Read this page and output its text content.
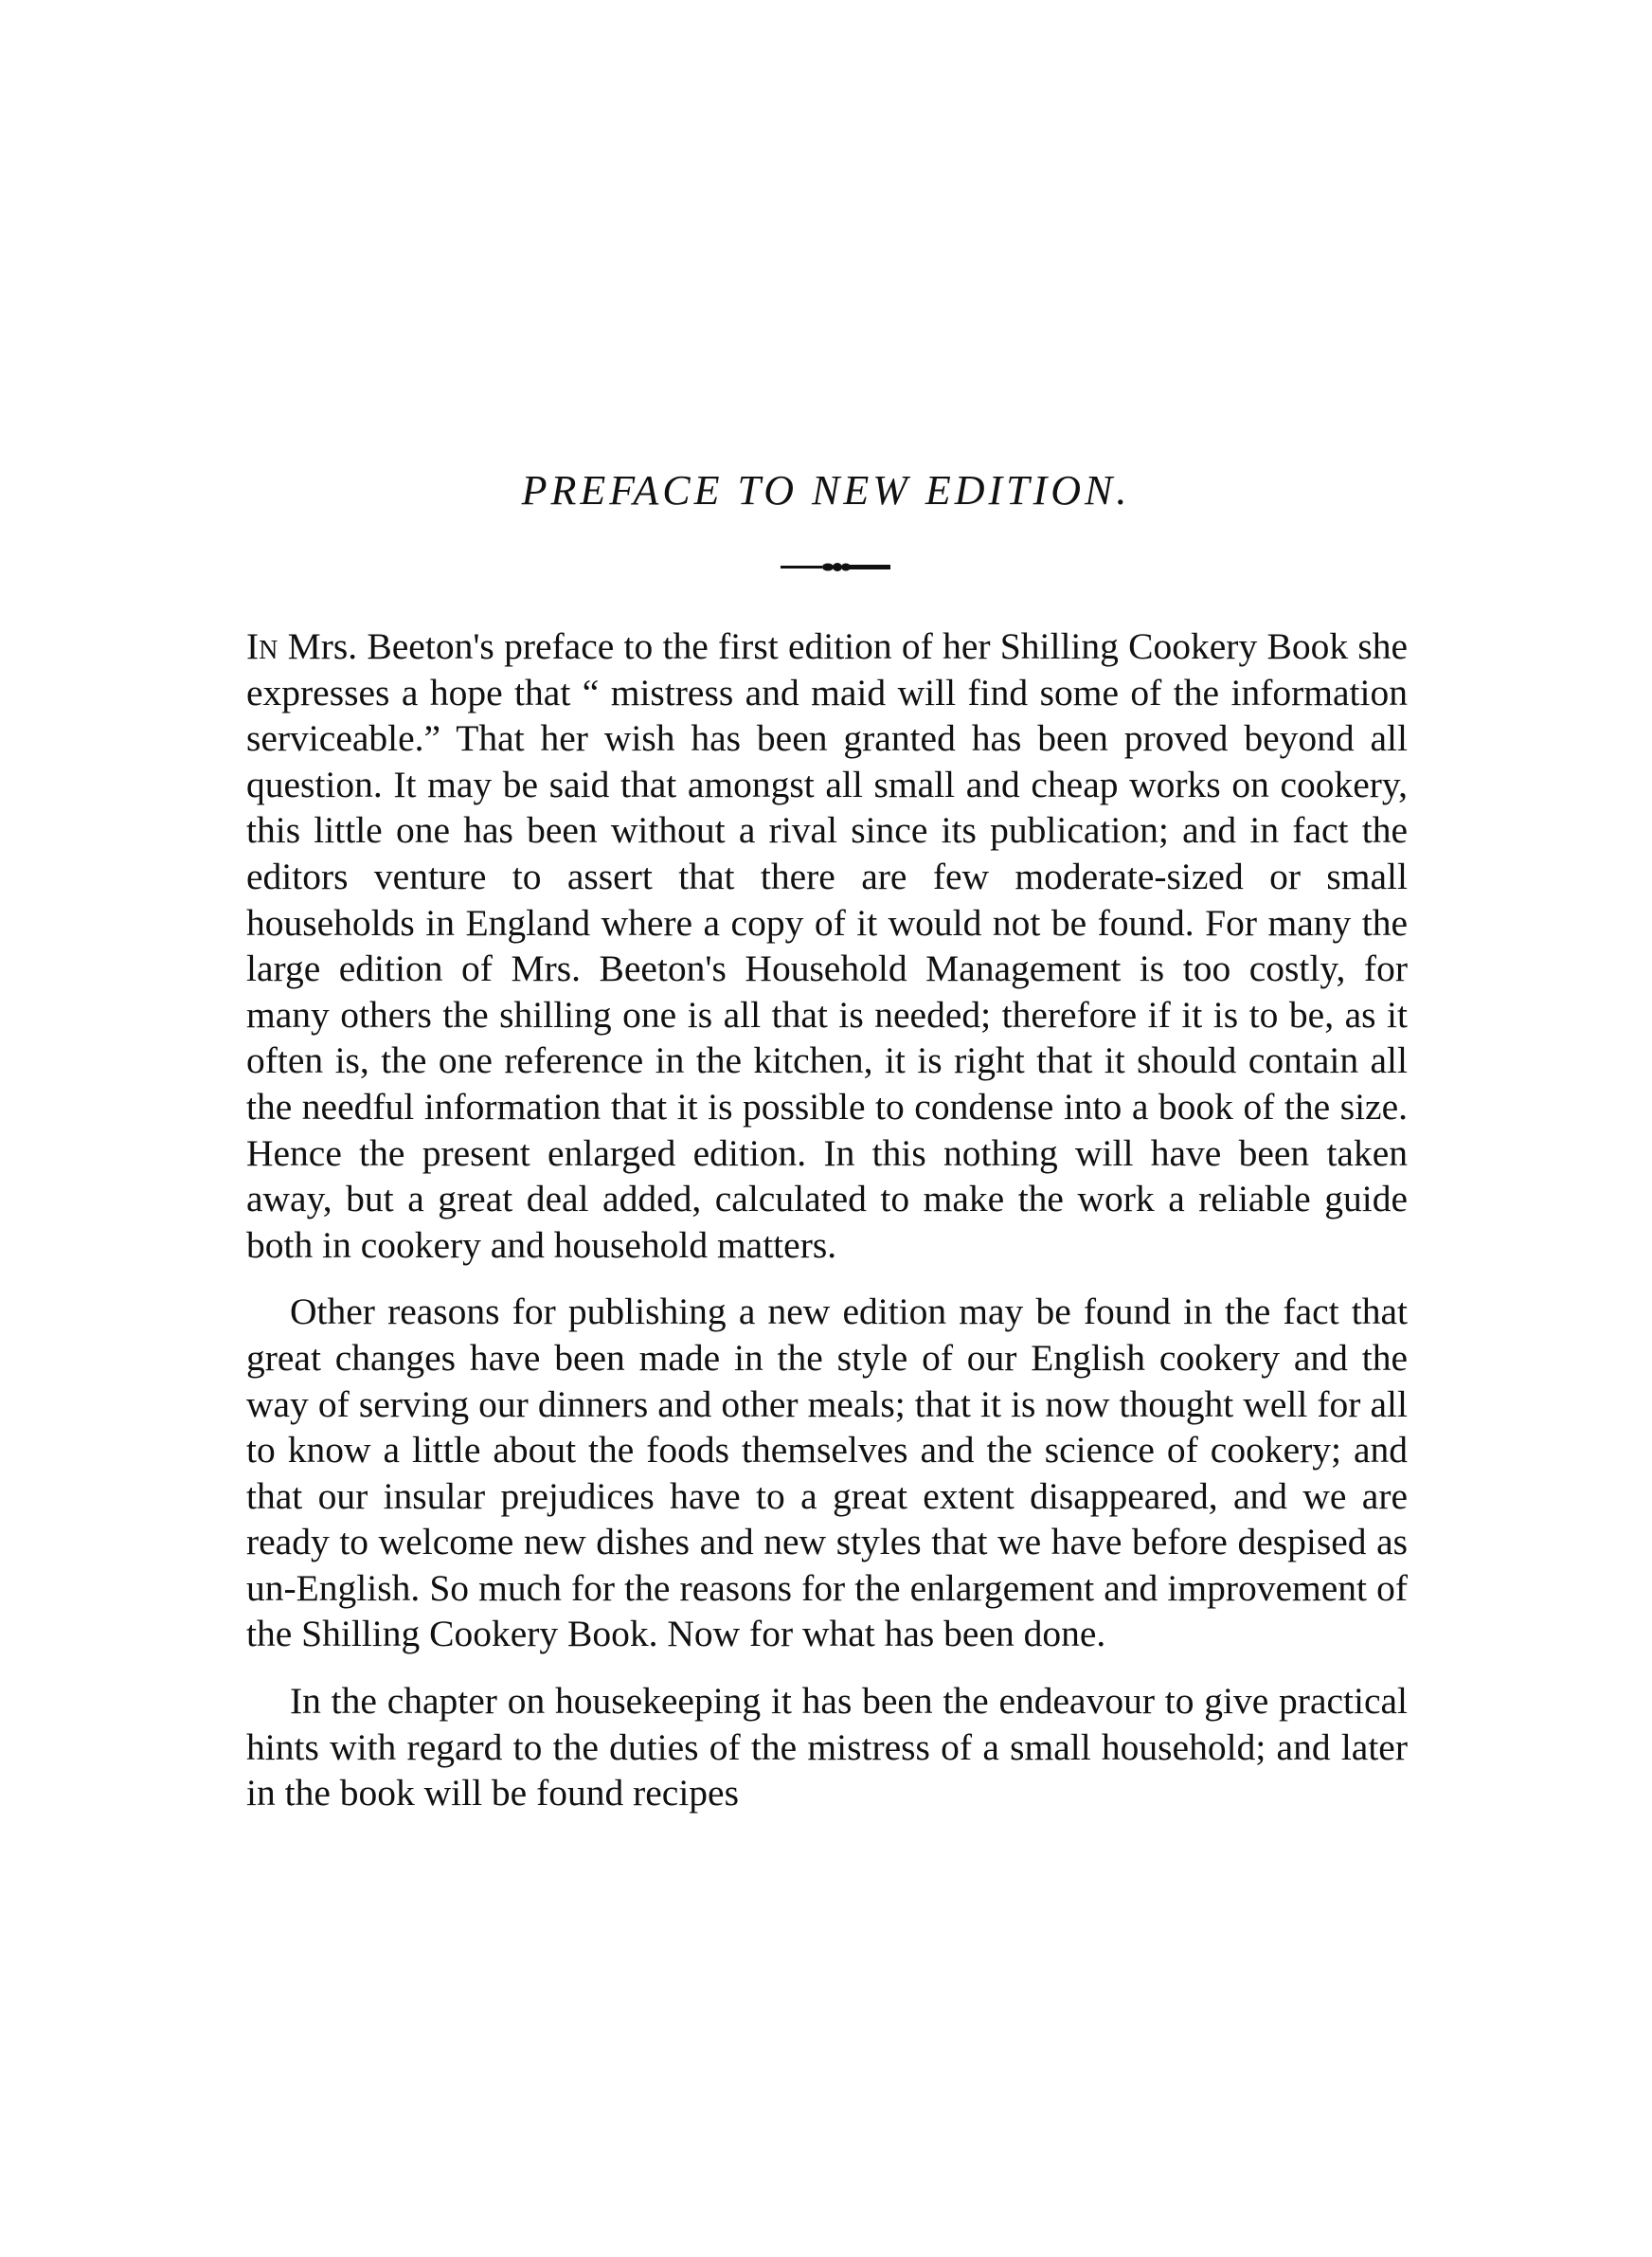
PREFACE TO NEW EDITION.

In Mrs. Beeton's preface to the first edition of her Shilling Cookery Book she expresses a hope that “ mistress and maid will find some of the information serviceable.” That her wish has been granted has been proved beyond all question. It may be said that amongst all small and cheap works on cookery, this little one has been without a rival since its publication; and in fact the editors venture to assert that there are few moderate-sized or small households in England where a copy of it would not be found. For many the large edition of Mrs. Beeton's Household Management is too costly, for many others the shilling one is all that is needed; therefore if it is to be, as it often is, the one reference in the kitchen, it is right that it should contain all the needful information that it is possible to condense into a book of the size. Hence the present enlarged edition. In this nothing will have been taken away, but a great deal added, calculated to make the work a reliable guide both in cookery and household matters.

Other reasons for publishing a new edition may be found in the fact that great changes have been made in the style of our English cookery and the way of serving our dinners and other meals; that it is now thought well for all to know a little about the foods themselves and the science of cookery; and that our insular prejudices have to a great extent disappeared, and we are ready to welcome new dishes and new styles that we have before despised as un-English. So much for the reasons for the enlargement and improvement of the Shilling Cookery Book. Now for what has been done.

In the chapter on housekeeping it has been the endeavour to give practical hints with regard to the duties of the mistress of a small household; and later in the book will be found recipes
